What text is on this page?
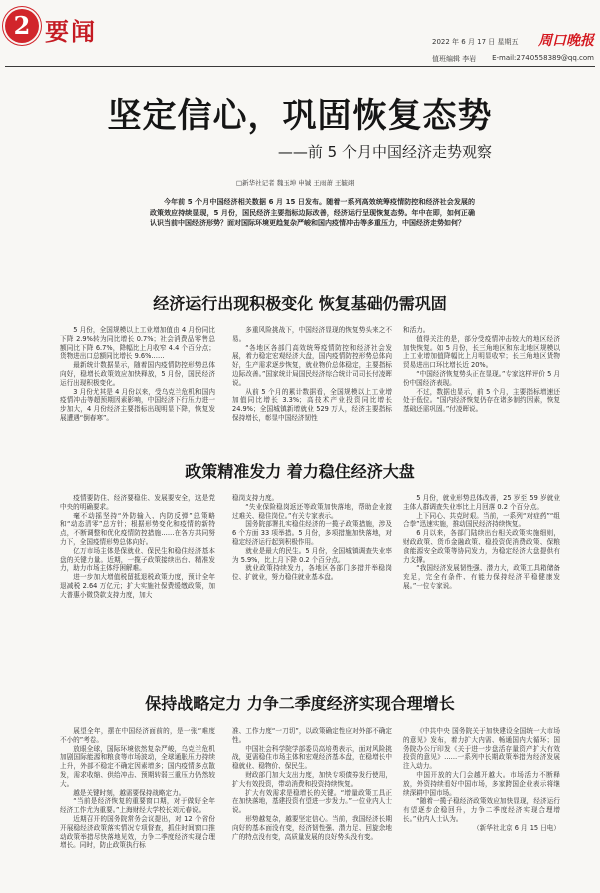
2 要闻	2022 年 6 月 17 日 星期五 周口晚报
值班编辑 李岩 E-mail:2740558389@qq.com
坚定信心，巩固恢复态势
——前 5 个月中国经济走势观察
□新华社记者 魏玉坤 申铖 王雨萧 王毓翊
今年前 5 个月中国经济相关数据 6 月 15 日发布。随着一系列高效统筹疫情防控和经济社会发展的政策效应持续显现，5 月份，国民经济主要指标边际改善，经济运行呈现恢复态势。年中在即，如何正确认识当前中国经济形势？面对国际环境更趋复杂严峻和国内疫情冲击等多重压力，中国经济走势如何？
经济运行出现积极变化 恢复基础仍需巩固

5 月份，全国规模以上工业增加值由 4 月份同比下降 2.9%转为同比增长 0.7%；社会消费品零售总额同比下降 6.7%，降幅比上月收窄 4.4 个百分点；货物进出口总额同比增长 9.6%……

最新统计数据显示，随着国内疫情防控形势总体向好，稳增长政策效应加快释放，5 月份，国民经济运行出现积极变化。

3 月份尤其是 4 月份以来，受乌克兰危机和国内疫情冲击等超预期因素影响，中国经济下行压力进一步加大，4 月份经济主要指标出现明显下降，恢复发展遭遇“倒春寒”。

多重风险挑战下，中国经济显现的恢复势头来之不易。

“各地区各部门高效统筹疫情防控和经济社会发展，着力稳定宏观经济大盘，国内疫情防控形势总体向好，生产需求逐步恢复，就业物价总体稳定，主要指标边际改善。”国家统计局国民经济综合统计司司长付凌晖说。

从前 5 个月的累计数据看，全国规模以上工业增加值同比增长 3.3%；高技术产业投资同比增长 24.9%；全国城镇新增就业 529 万人，经济主要指标保持增长，彰显中国经济韧性

和活力。

值得关注的是，部分受疫情冲击较大的地区经济加快恢复。如 5 月份，长三角地区和东北地区规模以上工业增加值降幅比上月明显收窄；长三角地区货物贸易进出口环比增长近 20%。

“中国经济恢复势头正在显现。”专家这样评价 5 月份中国经济表现。

不过，数据也显示，前 5 个月，主要指标增速还处于低位。“国内经济恢复仍存在诸多制约因素，恢复基础还需巩固。”付凌晖说。

政策精准发力 着力稳住经济大盘

疫情要防住、经济要稳住、发展要安全，这是党中央的明确要求。

毫不动摇坚持“外防输入、内防反弹”总策略和“动态清零”总方针；根据形势变化和疫情的新特点，不断调整和优化疫情防控措施……在各方共同努力下，全国疫情形势总体向好。

亿万市场主体是保就业、保民生和稳住经济基本盘的关键力量。近期，一揽子政策接续出台、精准发力，助力市场主体纾困解难。

进一步加大增值税留抵退税政策力度，预计全年退减税 2.64 万亿元；扩大实施社保费缓缴政策，加大普惠小微贷款支持力度，加大

稳岗支持力度。

“失业保险稳岗返还等政策加快落地，帮助企业渡过难关、稳住岗位。”有关专家表示。

国务院部署扎实稳住经济的一揽子政策措施，涉及 6 个方面 33 项举措。5 月份，多项措施加快落地，对稳定经济运行起到积极作用。

就业是最大的民生。5 月份，全国城镇调查失业率为 5.9%，比上月下降 0.2 个百分点。

就业政策持续发力，各地区各部门多措并举稳岗位、扩就业，努力稳住就业基本盘。

5 月份，就业形势总体改善，25 岁至 59 岁就业主体人群调查失业率比上月回落 0.2 个百分点。

上下同心、共克时艰。当前，一系列“对症药”“组合拳”迅速实施，推动国民经济持续恢复。

6 月以来，各部门陆续出台相关政策实施细则，财政政策、货币金融政策、稳投资促消费政策、保粮食能源安全政策等协同发力，为稳定经济大盘提供有力支撑。

“我国经济发展韧性强、潜力大，政策工具箱储备充足，完全有条件、有能力保持经济平稳健康发展。”一位专家说。

保持战略定力 力争二季度经济实现合理增长

展望全年，摆在中国经济面前的，是一张“难度不小的”考卷。

放眼全球，国际环境依然复杂严峻，乌克兰危机加剧国际能源和粮食等市场波动，全球通胀压力持续上升，外部不稳定不确定因素增多；国内疫情多点散发，需求收缩、供给冲击、预期转弱三重压力仍然较大。

越是关键时刻，越需要保持战略定力。

“当前是经济恢复的重要窗口期，对于做好全年经济工作尤为重要。”上海财经大学校长刘元春说。

近期召开的国务院常务会议提出，对 12 个省份开展稳经济政策落实情况专项督查，抓住时间窗口推动政策举措尽快落地见效，力争二季度经济实现合理增长。同时，防止政策执行标

准、工作力度“一刀切”，以政策确定性应对外部不确定性。

中国社会科学院学部委员高培勇表示，面对风险挑战，更需稳住市场主体和宏观经济基本盘，在稳增长中稳就业、稳物价、保民生。

财政部门加大支出力度，加快专项债券发行使用，扩大有效投资，带动消费和投资持续恢复。

扩大有效需求是稳增长的关键。“增量政策工具正在加快落地，基建投资有望进一步发力。”一位业内人士说。

形势越复杂，越要坚定信心。当前，我国经济长期向好的基本面没有变，经济韧性强、潜力足、回旋余地广的特点没有变，高质量发展的良好势头没有变。

《中共中央 国务院关于加快建设全国统一大市场的意见》发布，着力扩大内需、畅通国内大循环；国务院办公厅印发《关于进一步盘活存量资产扩大有效投资的意见》……一系列中长期政策举措为经济发展注入动力。

中国开放的大门会越开越大。市场活力不断释放，外资持续看好中国市场，多家跨国企业表示将继续深耕中国市场。

“随着一揽子稳经济政策效应加快显现，经济运行有望逐步企稳回升，力争二季度经济实现合理增长。”业内人士认为。

（新华社北京 6 月 15 日电）
